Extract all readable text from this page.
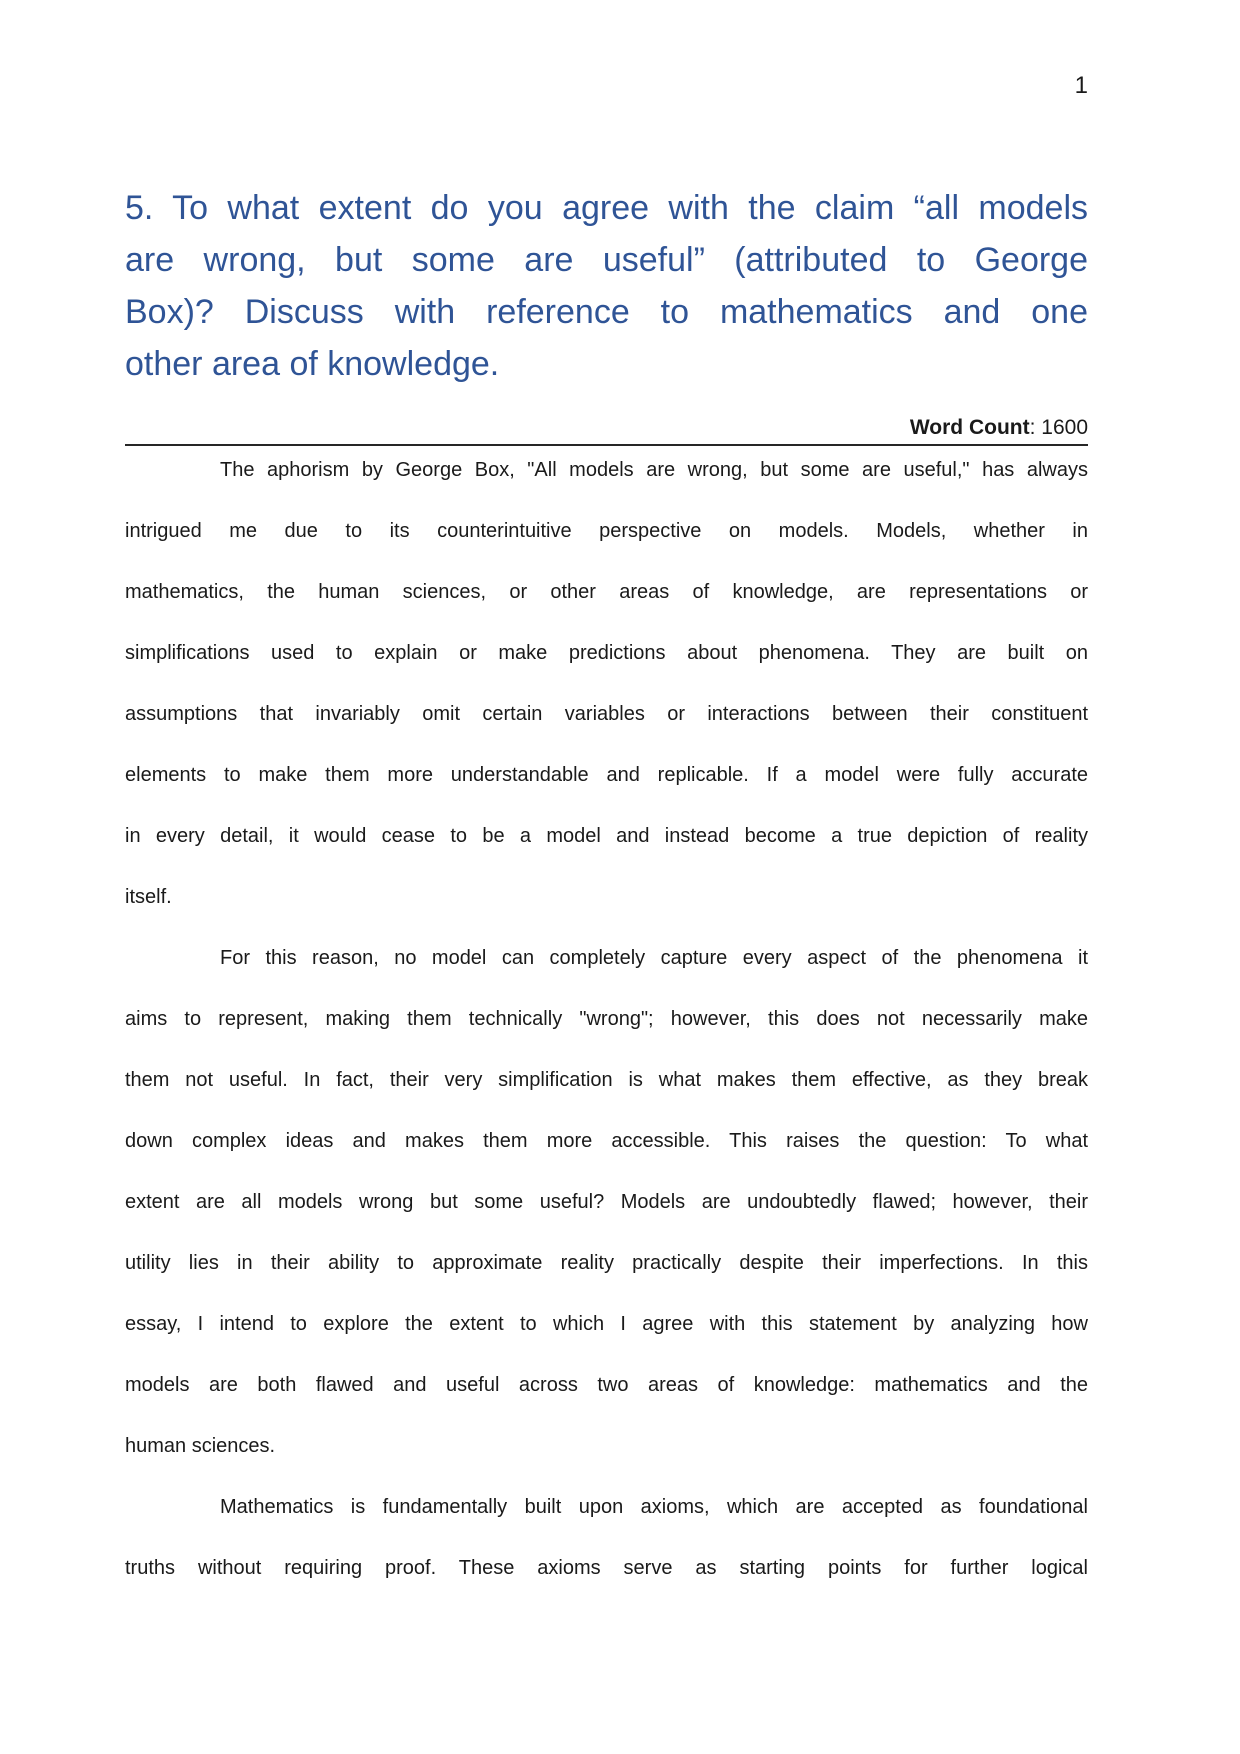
1
5. To what extent do you agree with the claim “all models
are wrong, but some are useful” (attributed to George
Box)? Discuss with reference to mathematics and one
other area of knowledge.
Word Count: 1600
The aphorism by George Box, "All models are wrong, but some are useful," has always
intrigued me due to its counterintuitive perspective on models. Models, whether in
mathematics, the human sciences, or other areas of knowledge, are representations or
simplifications used to explain or make predictions about phenomena. They are built on
assumptions that invariably omit certain variables or interactions between their constituent
elements to make them more understandable and replicable. If a model were fully accurate
in every detail, it would cease to be a model and instead become a true depiction of reality
itself.
For this reason, no model can completely capture every aspect of the phenomena it
aims to represent, making them technically "wrong"; however, this does not necessarily make
them not useful. In fact, their very simplification is what makes them effective, as they break
down complex ideas and makes them more accessible. This raises the question: To what
extent are all models wrong but some useful? Models are undoubtedly flawed; however, their
utility lies in their ability to approximate reality practically despite their imperfections. In this
essay, I intend to explore the extent to which I agree with this statement by analyzing how
models are both flawed and useful across two areas of knowledge: mathematics and the
human sciences.
Mathematics is fundamentally built upon axioms, which are accepted as foundational
truths without requiring proof. These axioms serve as starting points for further logical
